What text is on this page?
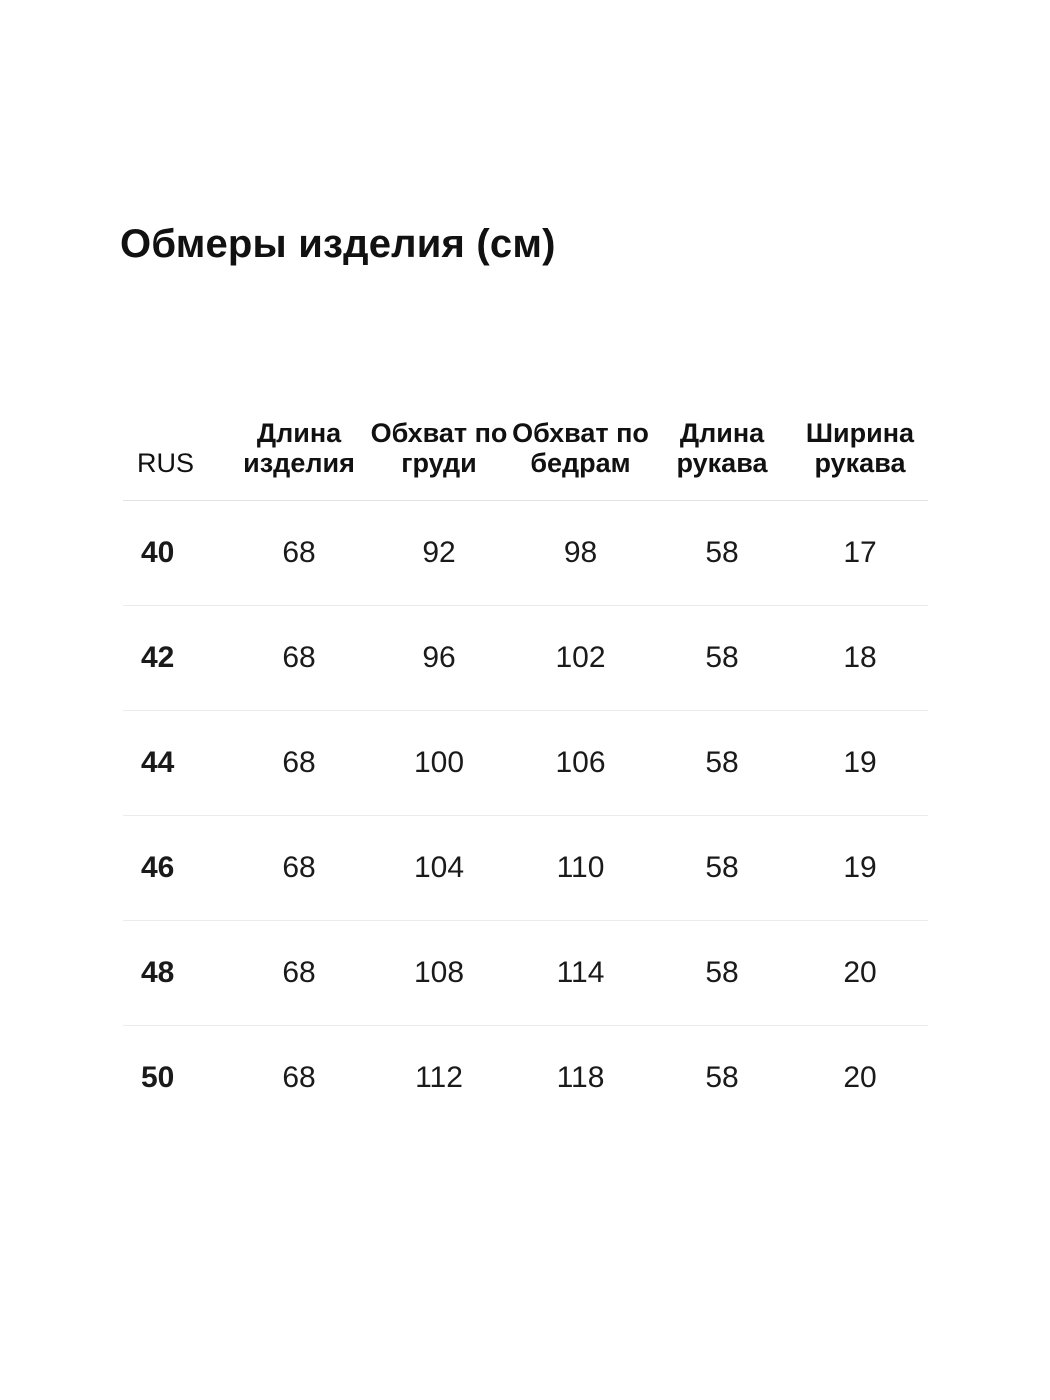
Обмеры изделия (см)
RUS	Длина изделия	Обхват по груди	Обхват по бедрам	Длина рукава	Ширина рукава
40	68	92	98	58	17
42	68	96	102	58	18
44	68	100	106	58	19
46	68	104	110	58	19
48	68	108	114	58	20
50	68	112	118	58	20
